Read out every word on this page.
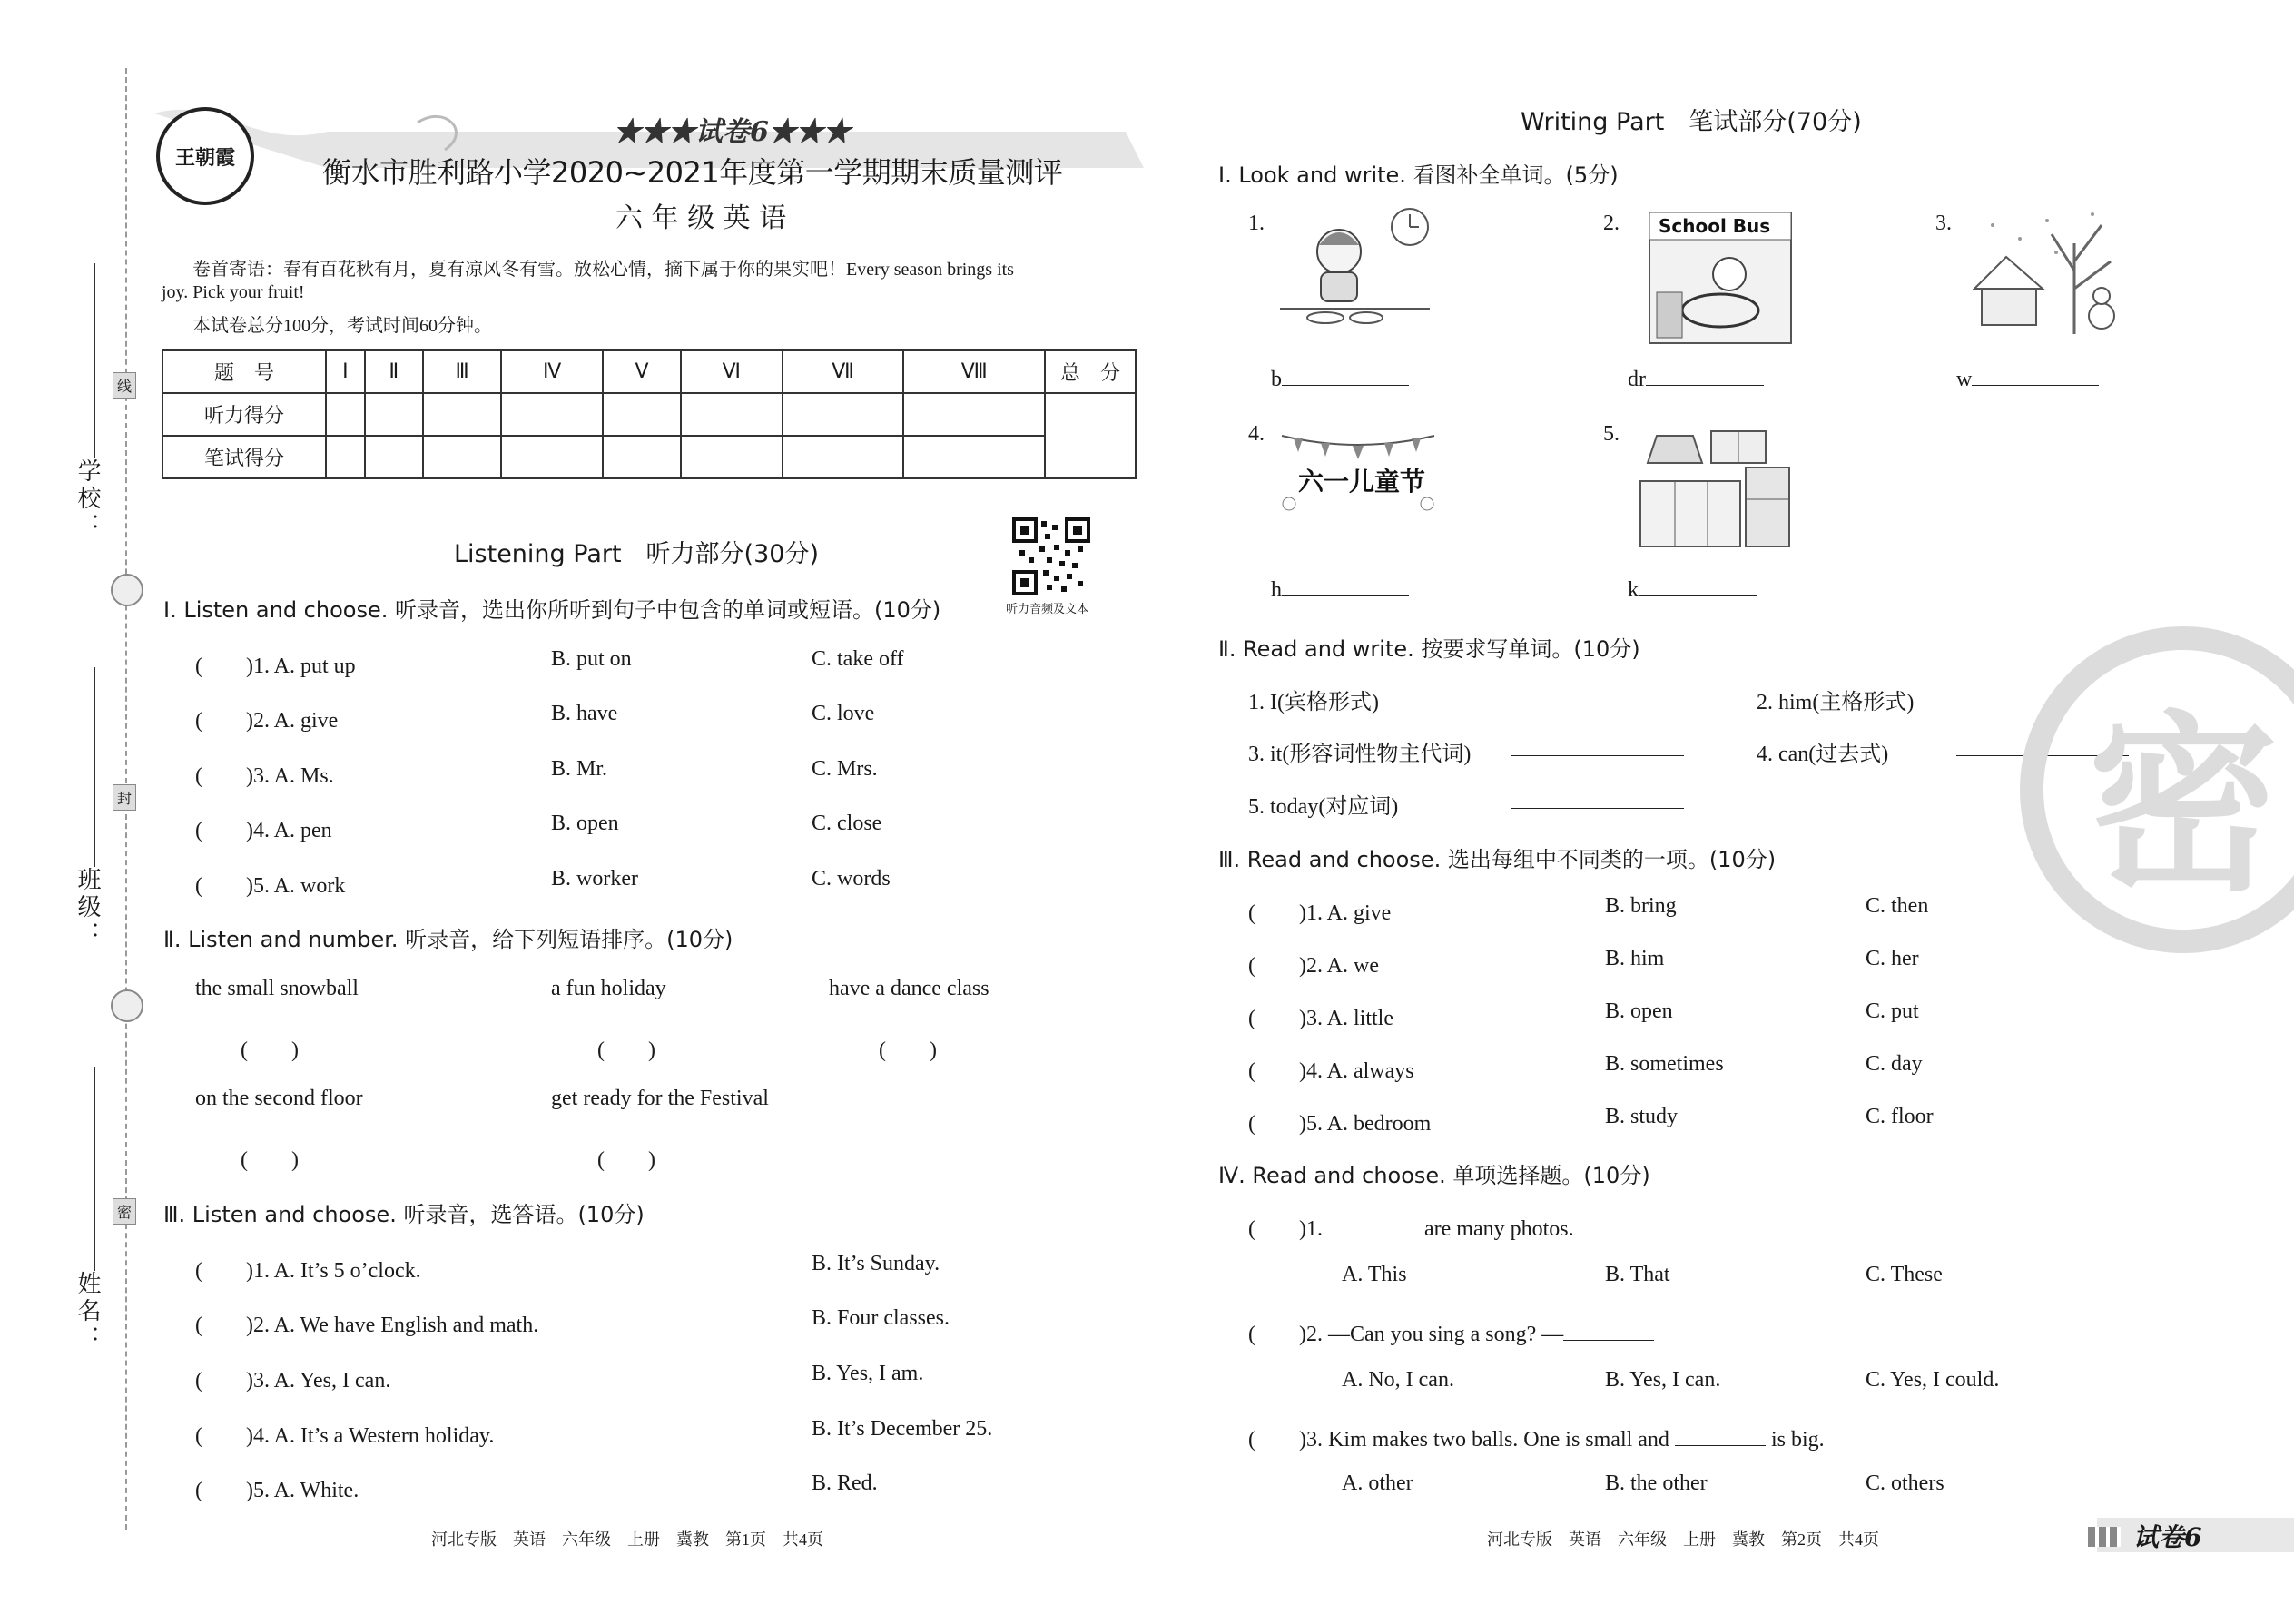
学校：
班级：
姓名：
线
封
密
王朝霞
★★★试卷6★★★
衡水市胜利路小学2020~2021年度第一学期期末质量测评
六 年 级 英 语
卷首寄语：春有百花秋有月，夏有凉风冬有雪。放松心情，摘下属于你的果实吧！Every season brings its
joy. Pick your fruit!
本试卷总分100分，考试时间60分钟。
题　号	Ⅰ	Ⅱ	Ⅲ	Ⅳ	Ⅴ	Ⅵ	Ⅶ	Ⅷ	总　分
听力得分									
笔试得分									
Listening Part　听力部分(30分)
听力音频及文本
Ⅰ. Listen and choose. 听录音，选出你所听到句子中包含的单词或短语。(10分)
(　　)1. A. put up	B. put on	C. take off
(　　)2. A. give	B. have	C. love
(　　)3. A. Ms.	B. Mr.	C. Mrs.
(　　)4. A. pen	B. open	C. close
(　　)5. A. work	B. worker	C. words
Ⅱ. Listen and number. 听录音，给下列短语排序。(10分)
the small snowball	a fun holiday	have a dance class
(　　)	(　　)	(　　)
on the second floor	get ready for the Festival
(　　)	(　　)
Ⅲ. Listen and choose. 听录音，选答语。(10分)
(　　)1. A. It’s 5 o’clock.	B. It’s Sunday.
(　　)2. A. We have English and math.	B. Four classes.
(　　)3. A. Yes, I can.	B. Yes, I am.
(　　)4. A. It’s a Western holiday.	B. It’s December 25.
(　　)5. A. White.	B. Red.
河北专版　英语　六年级　上册　冀教　第1页　共4页
Writing Part　笔试部分(70分)
Ⅰ. Look and write. 看图补全单词。(5分)
1.
b
2. School Bus
dr
3.
w
4.
六一儿童节
h
5.
k
Ⅱ. Read and write. 按要求写单词。(10分)
1. I(宾格形式)	2. him(主格形式)
3. it(形容词性物主代词)	4. can(过去式)
5. today(对应词)
Ⅲ. Read and choose. 选出每组中不同类的一项。(10分)
(　　)1. A. give	B. bring	C. then
(　　)2. A. we	B. him	C. her
(　　)3. A. little	B. open	C. put
(　　)4. A. always	B. sometimes	C. day
(　　)5. A. bedroom	B. study	C. floor
Ⅳ. Read and choose. 单项选择题。(10分)
(　　)1.	are many photos.
A. This	B. That	C. These
(　　)2. —Can you sing a song? —
A. No, I can.	B. Yes, I can.	C. Yes, I could.
(　　)3. Kim makes two balls. One is small and	is big.
A. other	B. the other	C. others
密
河北专版　英语　六年级　上册　冀教　第2页　共4页	试卷6
